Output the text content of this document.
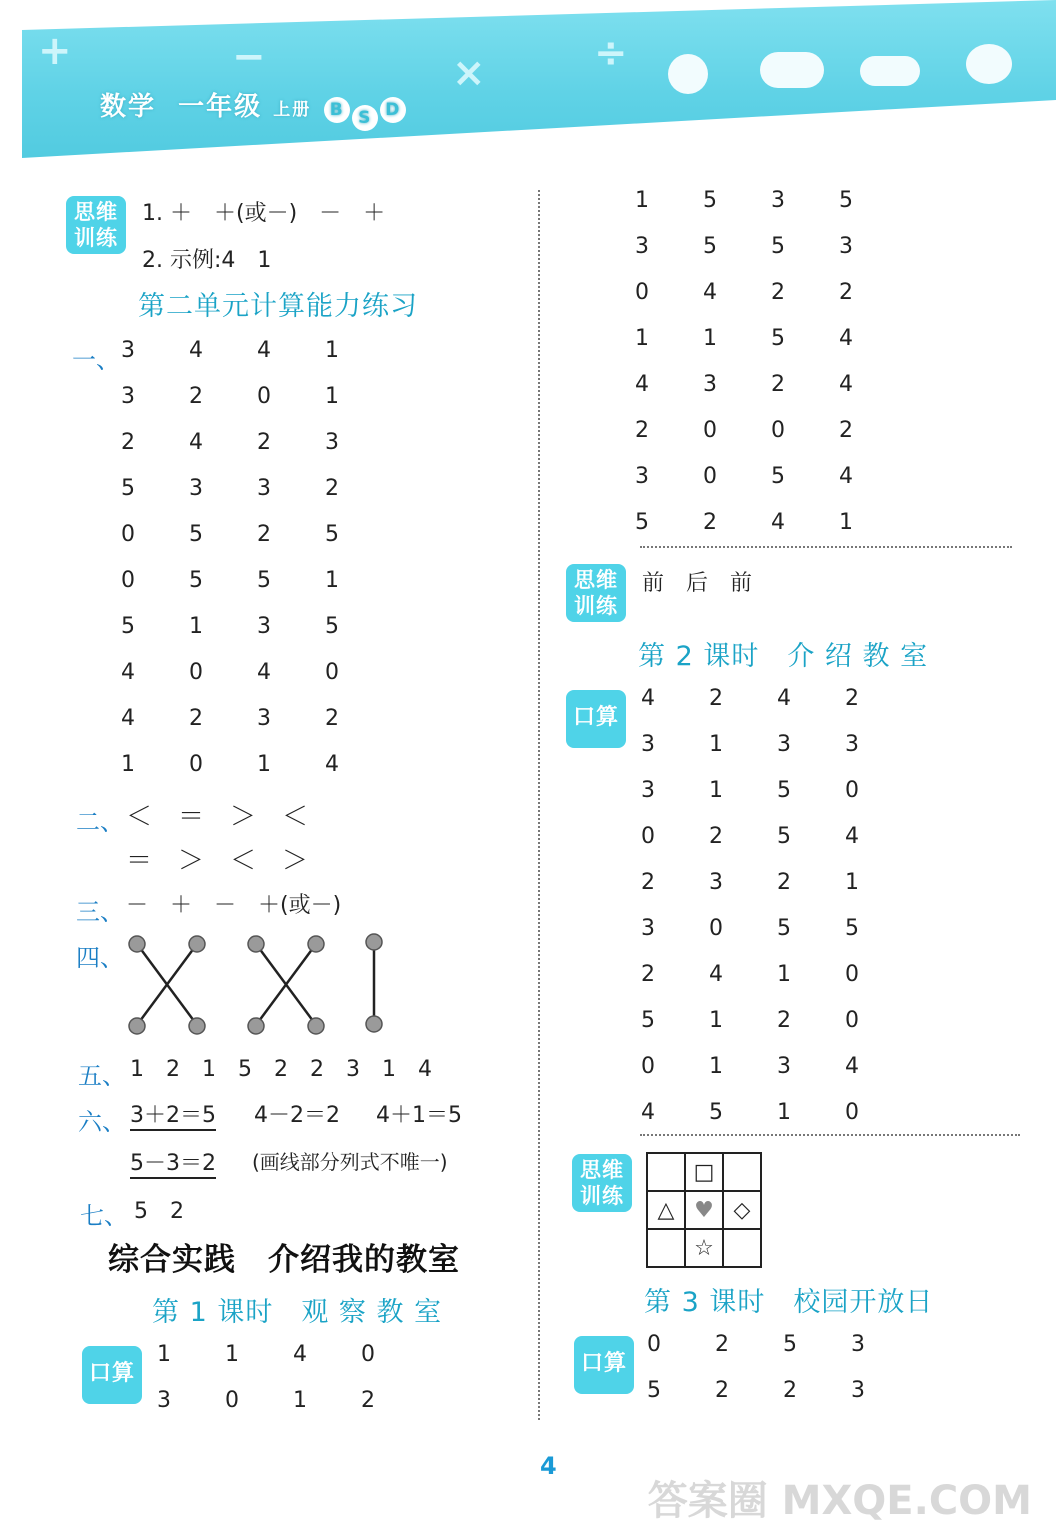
+	−	×	÷
数学 一年级 上册 B S D
思维
训练
1. ＋　＋(或－)　－　＋
2. 示例:4　1
第二单元计算能力练习
一、 3	4	4	1
3	2	0	1
2	4	2	3
5	3	3	2
0	5	2	5
0	5	5	1
5	1	3	5
4	0	4	0
4	2	3	2
1	0	1	4
二、 ＜　＝　＞　＜
＝　＞　＜　＞
三、 －　＋　－　＋(或－)
四、
五、 1　2　1　5　2　2　3　1　4
六、 3＋2＝5 4－2＝2 4＋1＝5
5－3＝2 (画线部分列式不唯一)
七、 5　2
综合实践　介绍我的教室
第 1 课时　观 察 教 室
口算
1	1	4	0
3	0	1	2
1	5	3	5
3	5	5	3
0	4	2	2
1	1	5	4
4	3	2	4
2	0	0	2
3	0	5	4
5	2	4	1
思维
训练
前　后　前
第 2 课时　介 绍 教 室
口算
4	2	4	2
3	1	3	3
3	1	5	0
0	2	5	4
2	3	2	1
3	0	5	5
2	4	1	0
5	1	2	0
0	1	3	4
4	5	1	0
思维
训练
	□	
△	♥	◇
	☆	
第 3 课时　校园开放日
口算
0	2	5	3
5	2	2	3
4
答案圈 MXQE.COM
